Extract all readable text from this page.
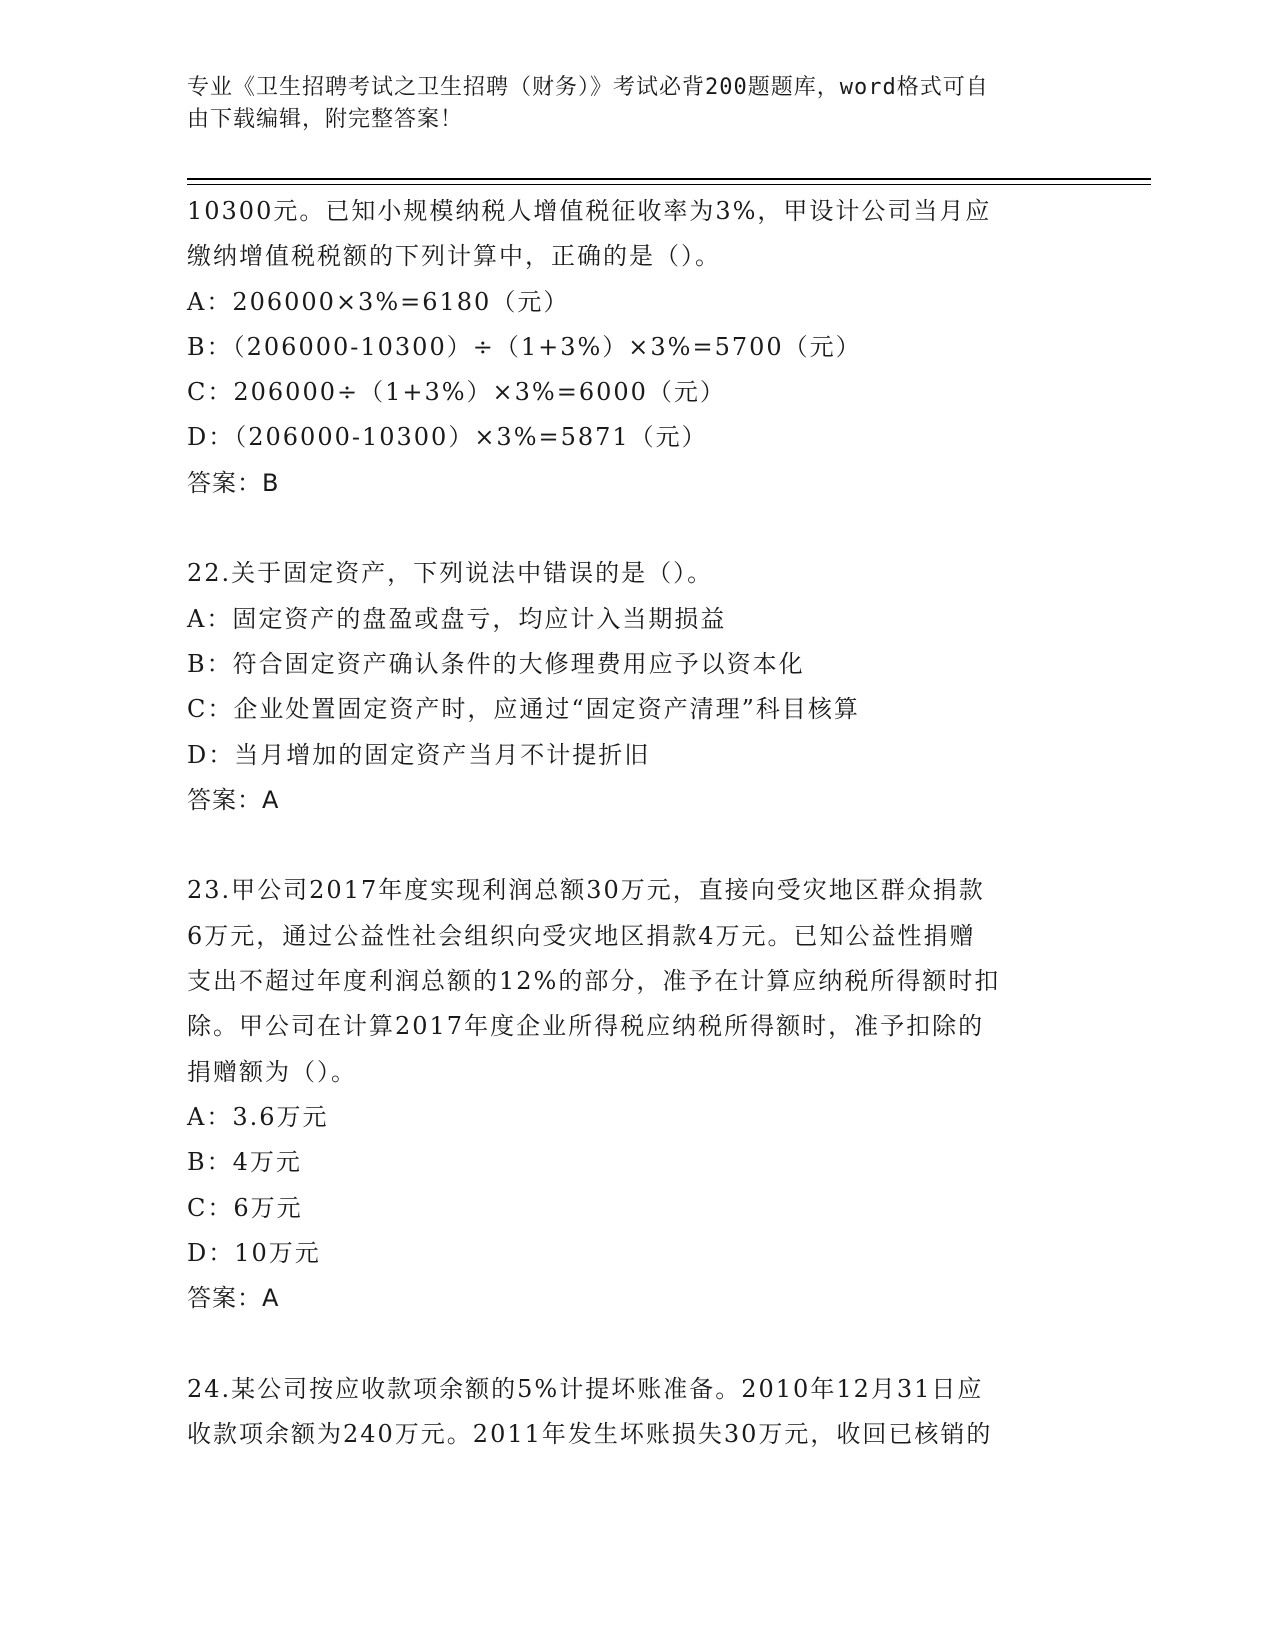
专业《卫生招聘考试之卫生招聘（财务）》考试必背200题题库，word格式可自
由下载编辑，附完整答案！
10300元。已知小规模纳税人增值税征收率为3%，甲设计公司当月应
缴纳增值税税额的下列计算中，正确的是（）。
A：206000×3%=6180（元）
B：（206000-10300）÷（1+3%）×3%=5700（元）
C：206000÷（1+3%）×3%=6000（元）
D：（206000-10300）×3%=5871（元）
答案：B
22.关于固定资产，下列说法中错误的是（）。
A：固定资产的盘盈或盘亏，均应计入当期损益
B：符合固定资产确认条件的大修理费用应予以资本化
C：企业处置固定资产时，应通过“固定资产清理”科目核算
D：当月增加的固定资产当月不计提折旧
答案：A
23.甲公司2017年度实现利润总额30万元，直接向受灾地区群众捐款
6万元，通过公益性社会组织向受灾地区捐款4万元。已知公益性捐赠
支出不超过年度利润总额的12%的部分，准予在计算应纳税所得额时扣
除。甲公司在计算2017年度企业所得税应纳税所得额时，准予扣除的
捐赠额为（）。
A：3.6万元
B：4万元
C：6万元
D：10万元
答案：A
24.某公司按应收款项余额的5%计提坏账准备。2010年12月31日应
收款项余额为240万元。2011年发生坏账损失30万元，收回已核销的
